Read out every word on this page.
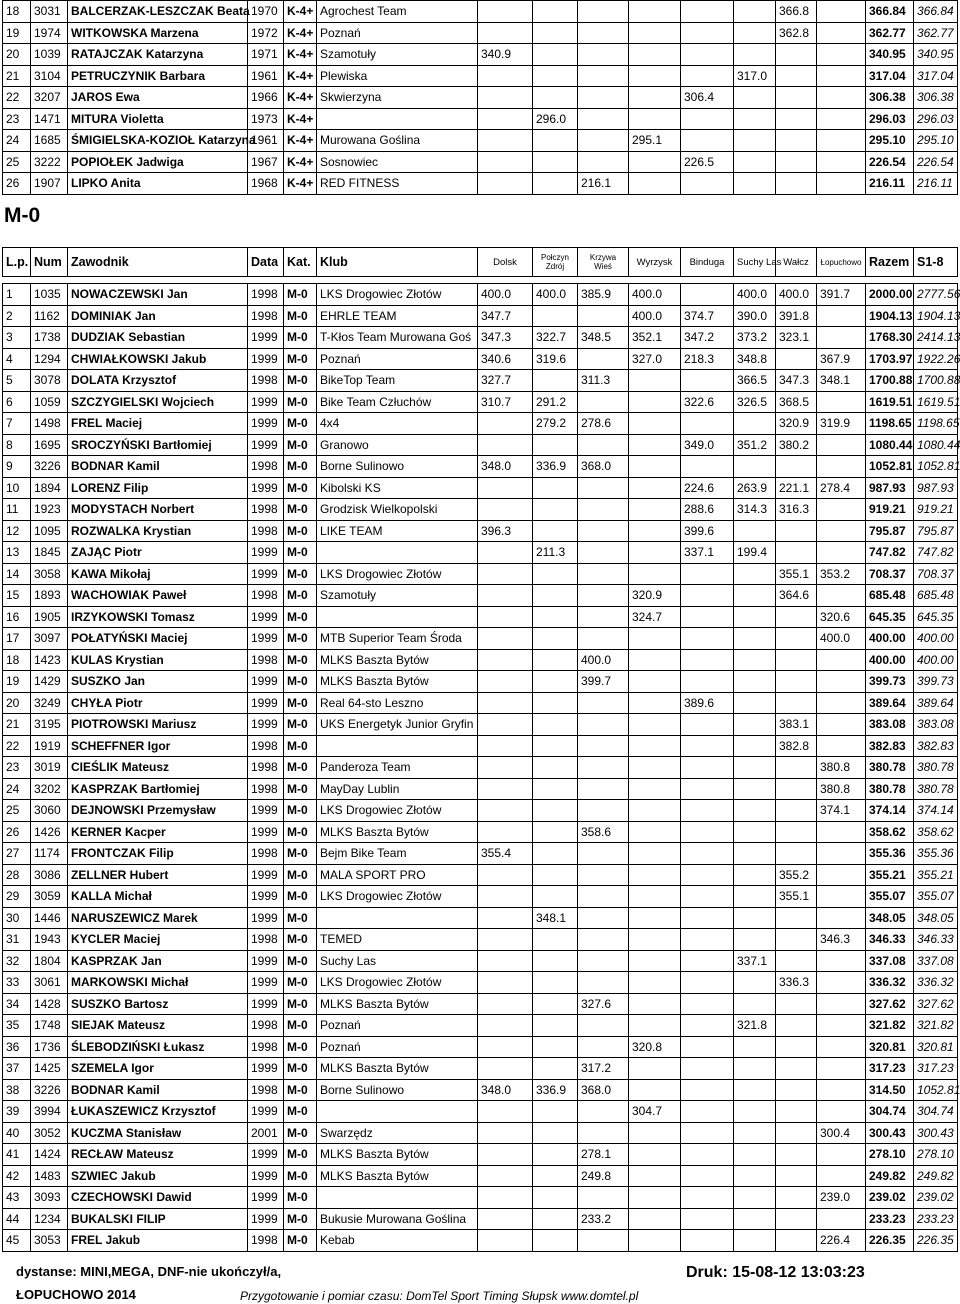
18	3031	BALCERZAK-LESZCZAK Beata	1970	K-4+	Agrochest Team							366.8		366.84	366.84
19	1974	WITKOWSKA Marzena	1972	K-4+	Poznań							362.8		362.77	362.77
20	1039	RATAJCZAK Katarzyna	1971	K-4+	Szamotuły	340.9								340.95	340.95
21	3104	PETRUCZYNIK Barbara	1961	K-4+	Plewiska						317.0			317.04	317.04
22	3207	JAROS Ewa	1966	K-4+	Skwierzyna					306.4				306.38	306.38
23	1471	MITURA Violetta	1973	K-4+			296.0							296.03	296.03
24	1685	ŚMIGIELSKA-KOZIOŁ Katarzyna	1961	K-4+	Murowana Goślina				295.1					295.10	295.10
25	3222	POPIOŁEK Jadwiga	1967	K-4+	Sosnowiec					226.5				226.54	226.54
26	1907	LIPKO Anita	1968	K-4+	RED FITNESS			216.1						216.11	216.11
M-0
L.p.	Num	Zawodnik	Data	Kat.	Klub	Dolsk	Połczyn Zdrój	Krzywa Wieś	Wyrzysk	Binduga	Suchy Las	Wałcz	Łopuchowo	Razem	S1-8

1	1035	NOWACZEWSKI Jan	1998	M-0	LKS Drogowiec Złotów	400.0	400.0	385.9	400.0		400.0	400.0	391.7	2000.00	2777.56
2	1162	DOMINIAK Jan	1998	M-0	EHRLE TEAM	347.7			400.0	374.7	390.0	391.8		1904.13	1904.13
3	1738	DUDZIAK Sebastian	1999	M-0	T-Kłos Team Murowana Goś	347.3	322.7	348.5	352.1	347.2	373.2	323.1		1768.30	2414.13
4	1294	CHWIAŁKOWSKI Jakub	1999	M-0	Poznań	340.6	319.6		327.0	218.3	348.8		367.9	1703.97	1922.26
5	3078	DOLATA Krzysztof	1998	M-0	BikeTop Team	327.7		311.3			366.5	347.3	348.1	1700.88	1700.88
6	1059	SZCZYGIELSKI Wojciech	1999	M-0	Bike Team Człuchów	310.7	291.2			322.6	326.5	368.5		1619.51	1619.51
7	1498	FREL Maciej	1999	M-0	4x4		279.2	278.6				320.9	319.9	1198.65	1198.65
8	1695	SROCZYŃSKI Bartłomiej	1999	M-0	Granowo					349.0	351.2	380.2		1080.44	1080.44
9	3226	BODNAR Kamil	1998	M-0	Borne Sulinowo	348.0	336.9	368.0						1052.81	1052.81
10	1894	LORENZ Filip	1999	M-0	Kibolski KS					224.6	263.9	221.1	278.4	987.93	987.93
11	1923	MODYSTACH Norbert	1998	M-0	Grodzisk Wielkopolski					288.6	314.3	316.3		919.21	919.21
12	1095	ROZWALKA Krystian	1998	M-0	LIKE TEAM	396.3				399.6				795.87	795.87
13	1845	ZAJĄC Piotr	1999	M-0			211.3			337.1	199.4			747.82	747.82
14	3058	KAWA Mikołaj	1999	M-0	LKS Drogowiec Złotów							355.1	353.2	708.37	708.37
15	1893	WACHOWIAK Paweł	1998	M-0	Szamotuły				320.9			364.6		685.48	685.48
16	1905	IRZYKOWSKI Tomasz	1999	M-0					324.7				320.6	645.35	645.35
17	3097	POŁATYŃSKI Maciej	1999	M-0	MTB Superior Team Środa								400.0	400.00	400.00
18	1423	KULAS Krystian	1998	M-0	MLKS Baszta Bytów			400.0						400.00	400.00
19	1429	SUSZKO Jan	1999	M-0	MLKS Baszta Bytów			399.7						399.73	399.73
20	3249	CHYŁA Piotr	1999	M-0	Real 64-sto Leszno					389.6				389.64	389.64
21	3195	PIOTROWSKI Mariusz	1999	M-0	UKS Energetyk Junior Gryfin							383.1		383.08	383.08
22	1919	SCHEFFNER Igor	1998	M-0								382.8		382.83	382.83
23	3019	CIEŚLIK Mateusz	1998	M-0	Panderoza Team								380.8	380.78	380.78
24	3202	KASPRZAK Bartłomiej	1998	M-0	MayDay Lublin								380.8	380.78	380.78
25	3060	DEJNOWSKI Przemysław	1999	M-0	LKS Drogowiec Złotów								374.1	374.14	374.14
26	1426	KERNER Kacper	1999	M-0	MLKS Baszta Bytów			358.6						358.62	358.62
27	1174	FRONTCZAK Filip	1998	M-0	Bejm Bike Team	355.4								355.36	355.36
28	3086	ZELLNER Hubert	1999	M-0	MALA SPORT PRO							355.2		355.21	355.21
29	3059	KALLA Michał	1999	M-0	LKS Drogowiec Złotów							355.1		355.07	355.07
30	1446	NARUSZEWICZ Marek	1999	M-0			348.1							348.05	348.05
31	1943	KYCLER Maciej	1998	M-0	TEMED								346.3	346.33	346.33
32	1804	KASPRZAK Jan	1999	M-0	Suchy Las						337.1			337.08	337.08
33	3061	MARKOWSKI Michał	1999	M-0	LKS Drogowiec Złotów							336.3		336.32	336.32
34	1428	SUSZKO Bartosz	1999	M-0	MLKS Baszta Bytów			327.6						327.62	327.62
35	1748	SIEJAK Mateusz	1998	M-0	Poznań						321.8			321.82	321.82
36	1736	ŚLEBODZIŃSKI Łukasz	1998	M-0	Poznań				320.8					320.81	320.81
37	1425	SZEMELA Igor	1999	M-0	MLKS Baszta Bytów			317.2						317.23	317.23
38	3226	BODNAR Kamil	1998	M-0	Borne Sulinowo	348.0	336.9	368.0						314.50	1052.81
39	3994	ŁUKASZEWICZ Krzysztof	1999	M-0					304.7					304.74	304.74
40	3052	KUCZMA Stanisław	2001	M-0	Swarzędz								300.4	300.43	300.43
41	1424	RECŁAW Mateusz	1999	M-0	MLKS Baszta Bytów			278.1						278.10	278.10
42	1483	SZWIEC Jakub	1999	M-0	MLKS Baszta Bytów			249.8						249.82	249.82
43	3093	CZECHOWSKI Dawid	1999	M-0									239.0	239.02	239.02
44	1234	BUKALSKI FILIP	1999	M-0	Bukusie Murowana Goślina			233.2						233.23	233.23
45	3053	FREL Jakub	1998	M-0	Kebab								226.4	226.35	226.35
dystanse: MINI,MEGA, DNF-nie ukończył/a,
ŁOPUCHOWO 2014	Przygotowanie i pomiar czasu: DomTel Sport Timing Słupsk www.domtel.pl
Druk: 15-08-12 13:03:23
